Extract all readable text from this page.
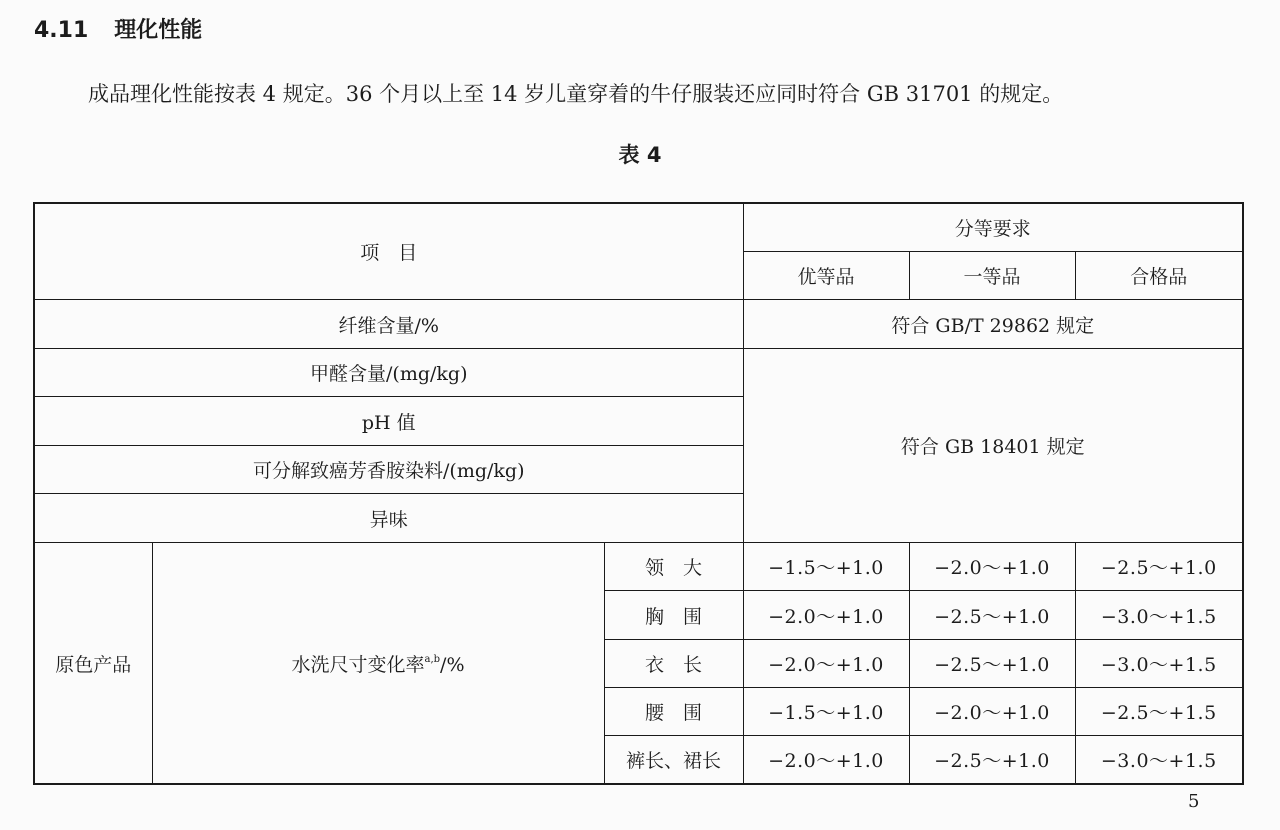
4.11 理化性能
成品理化性能按表 4 规定。36 个月以上至 14 岁儿童穿着的牛仔服装还应同时符合 GB 31701 的规定。
表 4
项　目			分等要求		
			优等品	一等品	合格品
纤维含量/%			符合 GB/T 29862 规定		
甲醛含量/(mg/kg)			符合 GB 18401 规定		
pH 值					
可分解致癌芳香胺染料/(mg/kg)					
异味					
原色产品	水洗尺寸变化率$^{a,b}$/%	领　大	−1.5～+1.0	−2.0～+1.0	−2.5～+1.0
		胸　围	−2.0～+1.0	−2.5～+1.0	−3.0～+1.5
		衣　长	−2.0～+1.0	−2.5～+1.0	−3.0～+1.5
		腰　围	−1.5～+1.0	−2.0～+1.0	−2.5～+1.5
		裤长、裙长	−2.0～+1.0	−2.5～+1.0	−3.0～+1.5
5
